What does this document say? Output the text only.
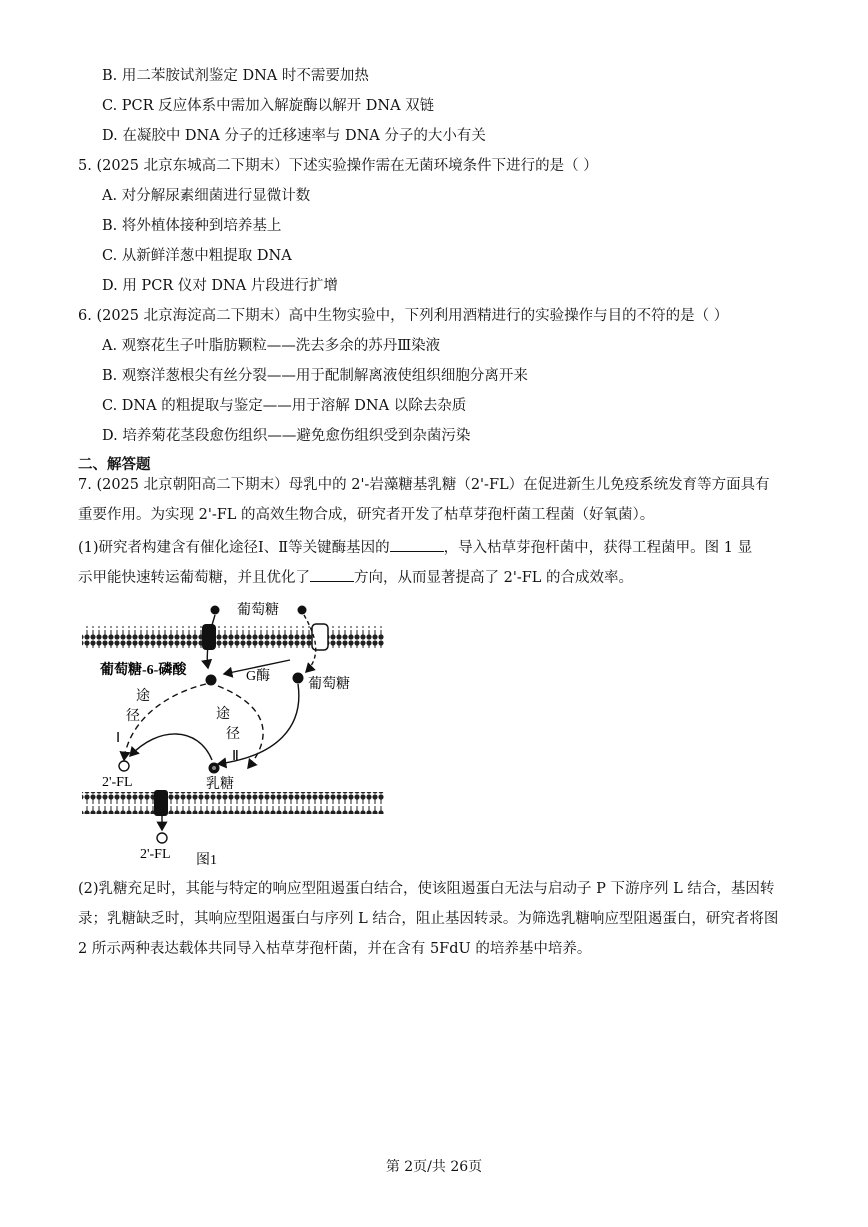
B. 用二苯胺试剂鉴定 DNA 时不需要加热
C. PCR 反应体系中需加入解旋酶以解开 DNA 双链
D. 在凝胶中 DNA 分子的迁移速率与 DNA 分子的大小有关
5. (2025 北京东城高二下期末）下述实验操作需在无菌环境条件下进行的是（ ）
A. 对分解尿素细菌进行显微计数
B. 将外植体接种到培养基上
C. 从新鲜洋葱中粗提取 DNA
D. 用 PCR 仪对 DNA 片段进行扩增
6. (2025 北京海淀高二下期末）高中生物实验中，下列利用酒精进行的实验操作与目的不符的是（ ）
A. 观察花生子叶脂肪颗粒——洗去多余的苏丹Ⅲ染液
B. 观察洋葱根尖有丝分裂——用于配制解离液使组织细胞分离开来
C. DNA 的粗提取与鉴定——用于溶解 DNA 以除去杂质
D. 培养菊花茎段愈伤组织——避免愈伤组织受到杂菌污染
二、解答题
7. (2025 北京朝阳高二下期末）母乳中的 2'-岩藻糖基乳糖（2'-FL）在促进新生儿免疫系统发育等方面具有
重要作用。为实现 2'-FL 的高效生物合成，研究者开发了枯草芽孢杆菌工程菌（好氧菌）。
(1)研究者构建含有催化途径Ⅰ、Ⅱ等关键酶基因的	，导入枯草芽孢杆菌中，获得工程菌甲。图 1 显
示甲能快速转运葡萄糖，并且优化了	方向，从而显著提高了 2'-FL 的合成效率。
葡萄糖
葡萄糖-6-磷酸
葡萄糖
G酶
途
径
Ⅰ
途
径
Ⅱ
乳糖
2'-FL
2'-FL 图1
(2)乳糖充足时，其能与特定的响应型阻遏蛋白结合，使该阻遏蛋白无法与启动子 P 下游序列 L 结合，基因转录；乳糖缺乏时，其响应型阻遏蛋白与序列 L 结合，阻止基因转录。为筛选乳糖响应型阻遏蛋白，研究者将图 2 所示两种表达载体共同导入枯草芽孢杆菌，并在含有 5FdU 的培养基中培养。
第 2页/共 26页
